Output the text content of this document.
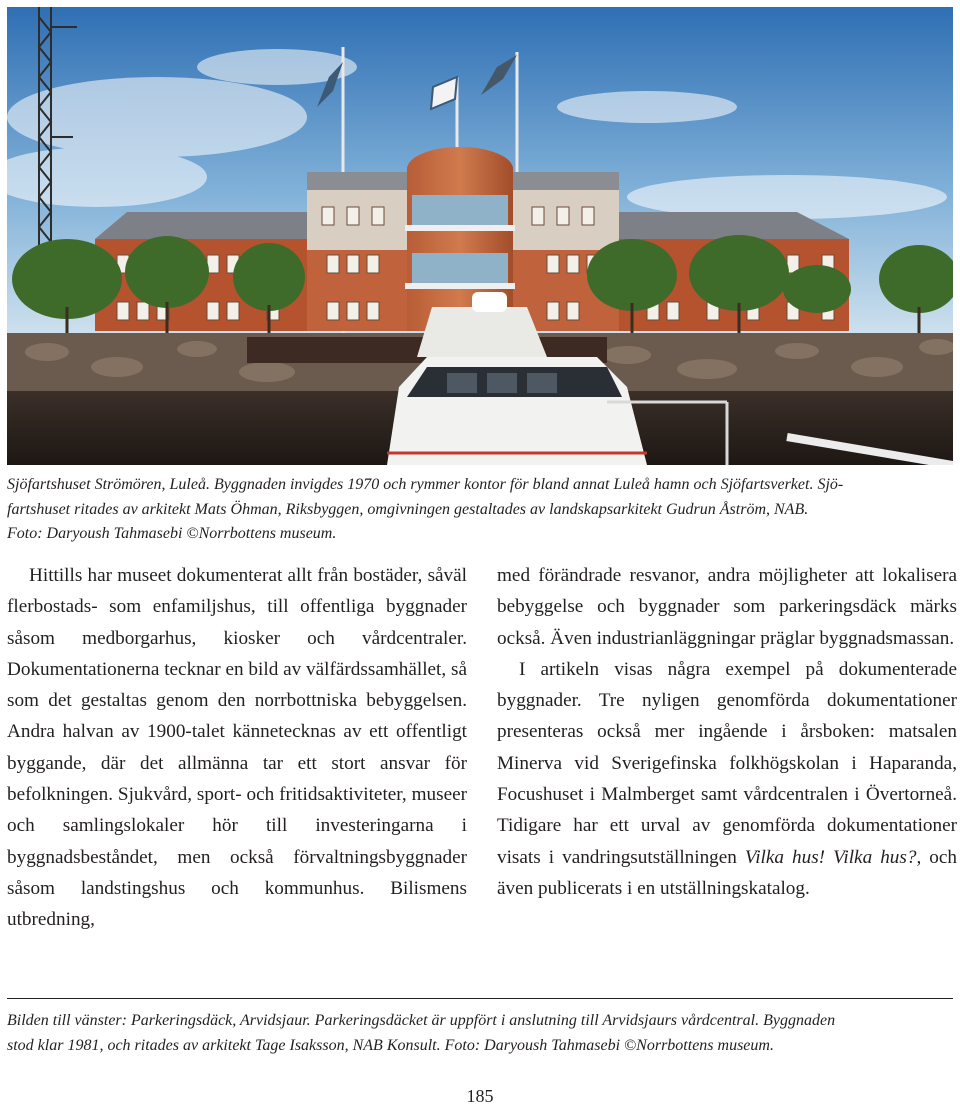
Sjöfartshuset Strömören, Luleå. Byggnaden invigdes 1970 och rymmer kontor för bland annat Luleå hamn och Sjöfartsverket. Sjö-
fartshuset ritades av arkitekt Mats Öhman, Riksbyggen, omgivningen gestaltades av landskapsarkitekt Gudrun Åström, NAB.
Foto: Daryoush Tahmasebi ©Norrbottens museum.

Hittills har museet dokumenterat allt från bostäder, såväl flerbostads- som enfamiljshus, till offentliga byggnader såsom medborgarhus, kiosker och vårdcentraler. Dokumentationerna tecknar en bild av välfärdssamhället, så som det gestaltas genom den norrbottniska bebyggelsen. Andra halvan av 1900-talet kännetecknas av ett offentligt byggande, där det allmänna tar ett stort ansvar för befolkningen. Sjukvård, sport- och fritidsaktiviteter, museer och samlingslokaler hör till investeringarna i byggnadsbeståndet, men också förvaltningsbyggnader såsom landstingshus och kommunhus. Bilismens utbredning,

med förändrade resvanor, andra möjligheter att lokalisera bebyggelse och byggnader som parkeringsdäck märks också. Även industrianläggningar präglar byggnadsmassan.

I artikeln visas några exempel på dokumenterade byggnader. Tre nyligen genomförda dokumentationer presenteras också mer ingående i årsboken: matsalen Minerva vid Sverigefinska folkhögskolan i Haparanda, Focushuset i Malmberget samt vårdcentralen i Övertorneå. Tidigare har ett urval av genomförda dokumentationer visats i vandringsutställningen Vilka hus! Vilka hus?, och även publicerats i en utställningskatalog.

Bilden till vänster: Parkeringsdäck, Arvidsjaur. Parkeringsdäcket är uppfört i anslutning till Arvidsjaurs vårdcentral. Byggnaden
stod klar 1981, och ritades av arkitekt Tage Isaksson, NAB Konsult. Foto: Daryoush Tahmasebi ©Norrbottens museum.

185
